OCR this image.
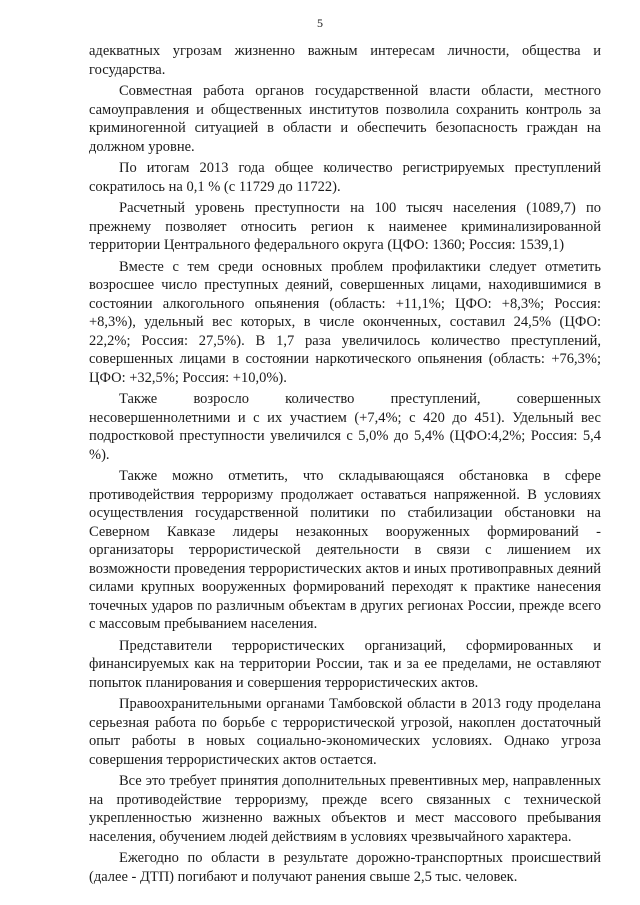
5

адекватных угрозам жизненно важным интересам личности, общества и государства.

Совместная работа органов государственной власти области, местного самоуправления и общественных институтов позволила сохранить контроль за криминогенной ситуацией в области и обеспечить безопасность граждан на должном уровне.

По итогам 2013 года общее количество регистрируемых преступлений сократилось на 0,1 % (с 11729 до 11722).

Расчетный уровень преступности на 100 тысяч населения (1089,7) по прежнему позволяет относить регион к наименее криминализированной территории Центрального федерального округа (ЦФО: 1360; Россия: 1539,1)

Вместе с тем среди основных проблем профилактики следует отметить возросшее число преступных деяний, совершенных лицами, находившимися в состоянии алкогольного опьянения (область: +11,1%; ЦФО: +8,3%; Россия: +8,3%), удельный вес которых, в числе оконченных, составил 24,5% (ЦФО: 22,2%; Россия: 27,5%). В 1,7 раза увеличилось количество преступлений, совершенных лицами в состоянии наркотического опьянения (область: +76,3%; ЦФО: +32,5%; Россия: +10,0%).

Также возросло количество преступлений, совершенных несовершеннолетними и с их участием (+7,4%; с 420 до 451). Удельный вес подростковой преступности увеличился с 5,0% до 5,4% (ЦФО:4,2%; Россия: 5,4 %).

Также можно отметить, что складывающаяся обстановка в сфере противодействия терроризму продолжает оставаться напряженной. В условиях осуществления государственной политики по стабилизации обстановки на Северном Кавказе лидеры незаконных вооруженных формирований - организаторы террористической деятельности в связи с лишением их возможности проведения террористических актов и иных противоправных деяний силами крупных вооруженных формирований переходят к практике нанесения точечных ударов по различным объектам в других регионах России, прежде всего с массовым пребыванием населения.

Представители террористических организаций, сформированных и финансируемых как на территории России, так и за ее пределами, не оставляют попыток планирования и совершения террористических актов.

Правоохранительными органами Тамбовской области в 2013 году проделана серьезная работа по борьбе с террористической угрозой, накоплен достаточный опыт работы в новых социально-экономических условиях. Однако угроза совершения террористических актов остается.

Все это требует принятия дополнительных превентивных мер, направленных на противодействие терроризму, прежде всего связанных с технической укрепленностью жизненно важных объектов и мест массового пребывания населения, обучением людей действиям в условиях чрезвычайного характера.

Ежегодно по области в результате дорожно-транспортных происшествий (далее - ДТП) погибают и получают ранения свыше 2,5 тыс. человек.
